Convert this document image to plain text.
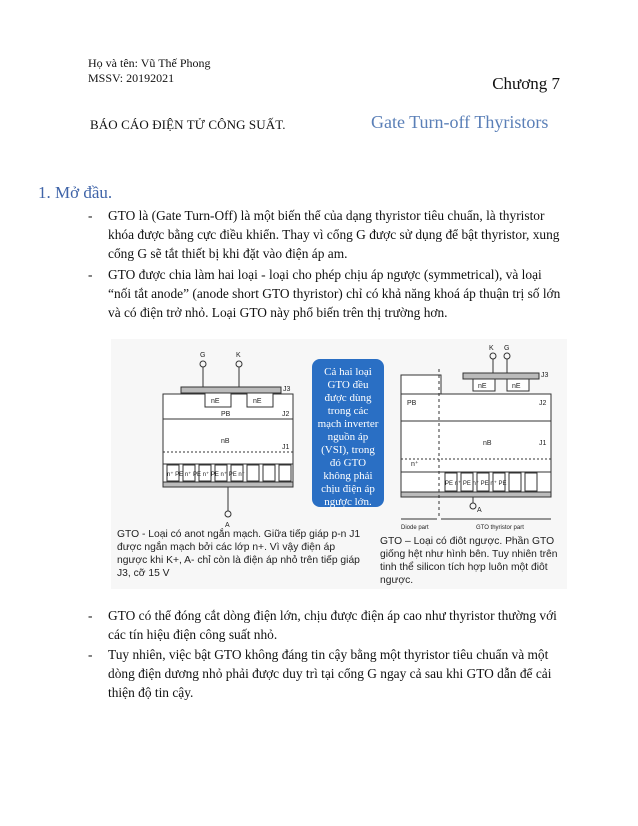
Họ và tên: Vũ Thế Phong
MSSV: 20192021	Chương 7
BÁO CÁO ĐIỆN TỬ CÔNG SUẤT.	Gate Turn-off Thyristors
1. Mở đầu.
- GTO là (Gate Turn-Off) là một biến thể của dạng thyristor tiêu chuẩn, là thyristor khóa được bằng cực điều khiển. Thay vì cổng G được sử dụng để bật thyristor, xung cổng G sẽ tắt thiết bị khi đặt vào điện áp am.
- GTO được chia làm hai loại - loại cho phép chịu áp ngược (symmetrical), và loại “nối tắt anode” (anode short GTO thyristor) chỉ có khả năng khoá áp thuận trị số lớn và có điện trở nhỏ. Loại GTO này phổ biến trên thị trường hơn.
G	K
J3
nE	nE
PB	J2
nB
J1
n⁺ PE n⁺ PE n⁺ PE n⁺ PE n⁺
A
Cả hai loại
GTO đều
được dùng
trong các
mạch inverter
nguồn áp
(VSI), trong
đó GTO
không phải
chịu điện áp
ngược lớn.
K G
J3
nE	nE
PB	J2
nB	J1
n⁺
PE n⁺ PE n⁺ PE n⁺ PE
A
Diode part	GTO thyristor part
GTO - Loại có anot ngắn mạch. Giữa tiếp giáp p-n J1 được ngắn mạch bởi các lớp n+. Vì vậy điện áp ngược khi K+, A- chỉ còn là điện áp nhỏ trên tiếp giáp J3, cỡ 15 V
GTO – Loại có điôt ngược. Phần GTO giống hệt như hình bên. Tuy nhiên trên tinh thể silicon tích hợp luôn một điôt ngược.
- GTO có thể đóng cắt dòng điện lớn, chịu được điện áp cao như thyristor thường với các tín hiệu điện công suất nhỏ.
- Tuy nhiên, việc bật GTO không đáng tin cậy bằng một thyristor tiêu chuẩn và một dòng điện dương nhỏ phải được duy trì tại cổng G ngay cả sau khi GTO dẫn để cải thiện độ tin cậy.
